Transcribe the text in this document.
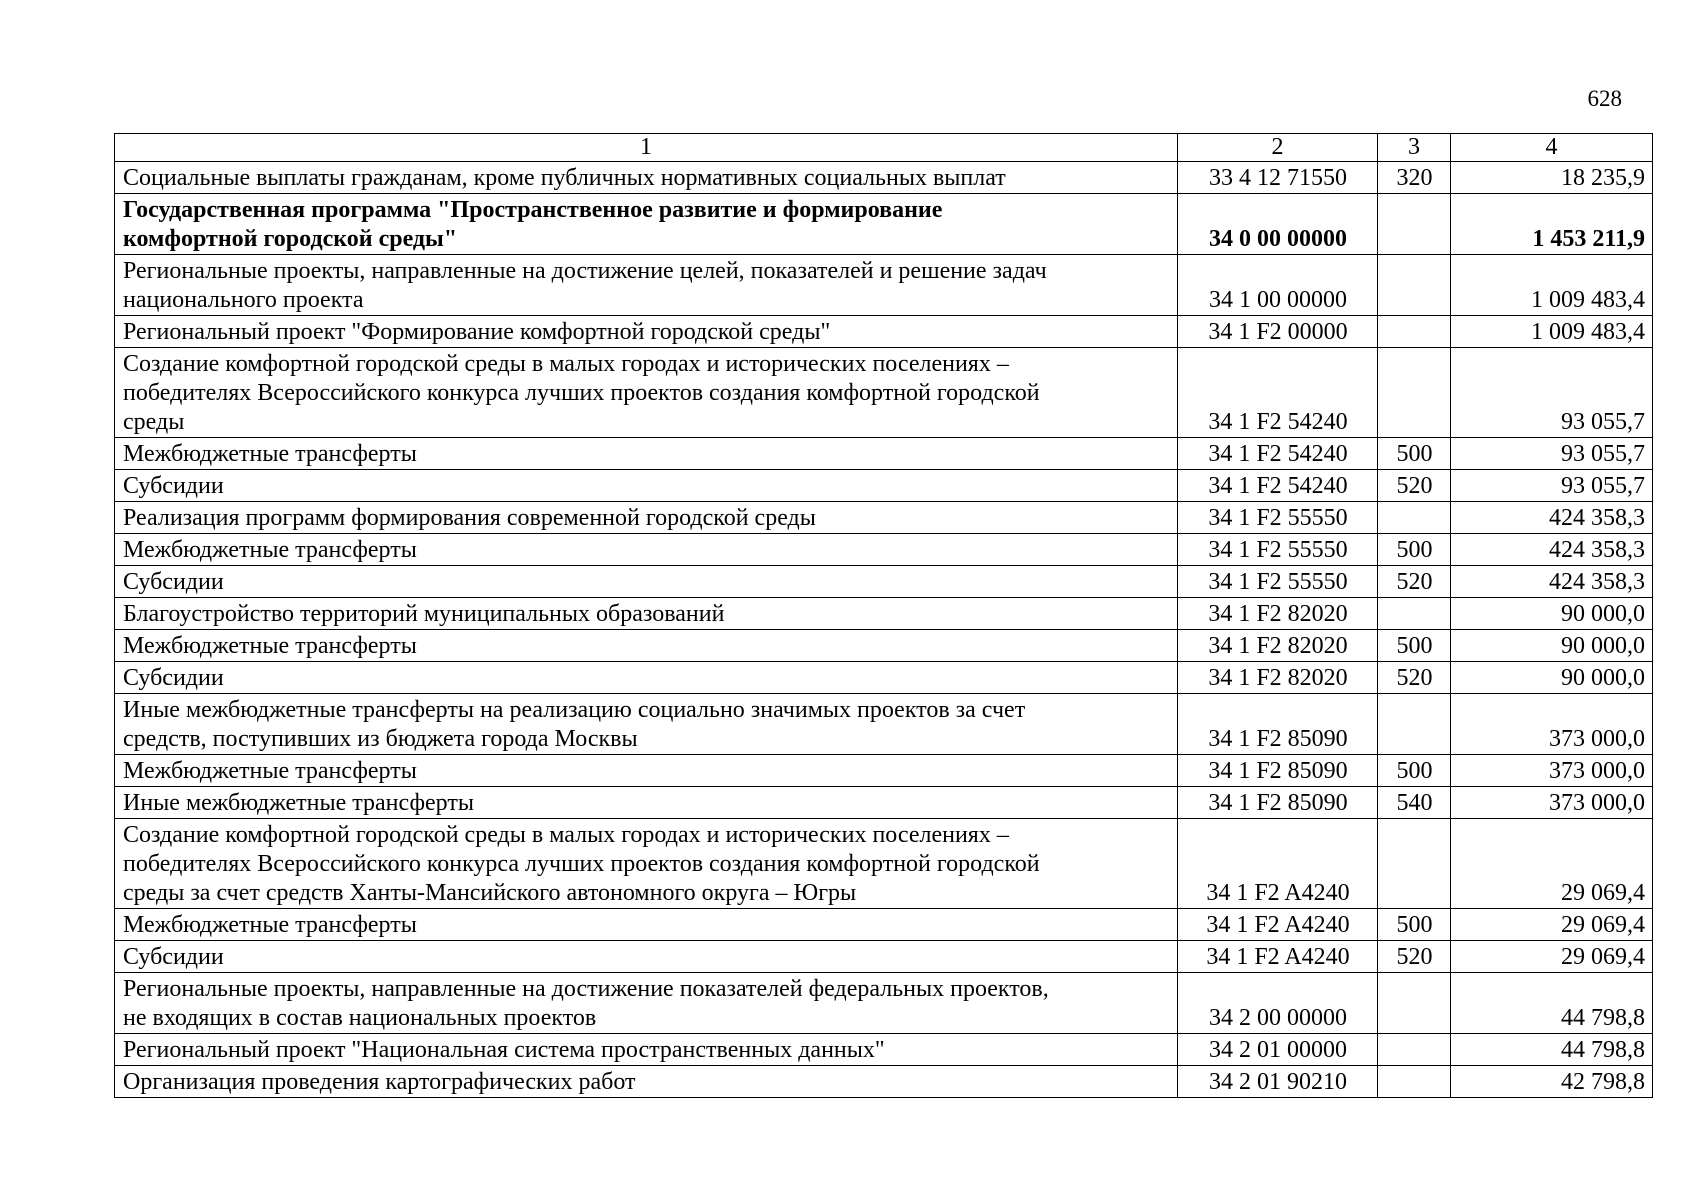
628
1	2	3	4
Социальные выплаты гражданам, кроме публичных нормативных социальных выплат	33 4 12 71550	320	18 235,9
Государственная программа "Пространственное развитие и формирование
комфортной городской среды"	34 0 00 00000		1 453 211,9
Региональные проекты, направленные на достижение целей, показателей и решение задач
национального проекта	34 1 00 00000		1 009 483,4
Региональный проект "Формирование комфортной городской среды"	34 1 F2 00000		1 009 483,4
Создание комфортной городской среды в малых городах и исторических поселениях –
победителях Всероссийского конкурса лучших проектов создания комфортной городской
среды	34 1 F2 54240		93 055,7
Межбюджетные трансферты	34 1 F2 54240	500	93 055,7
Субсидии	34 1 F2 54240	520	93 055,7
Реализация программ формирования современной городской среды	34 1 F2 55550		424 358,3
Межбюджетные трансферты	34 1 F2 55550	500	424 358,3
Субсидии	34 1 F2 55550	520	424 358,3
Благоустройство территорий муниципальных образований	34 1 F2 82020		90 000,0
Межбюджетные трансферты	34 1 F2 82020	500	90 000,0
Субсидии	34 1 F2 82020	520	90 000,0
Иные межбюджетные трансферты на реализацию социально значимых проектов за счет
средств, поступивших из бюджета города Москвы	34 1 F2 85090		373 000,0
Межбюджетные трансферты	34 1 F2 85090	500	373 000,0
Иные межбюджетные трансферты	34 1 F2 85090	540	373 000,0
Создание комфортной городской среды в малых городах и исторических поселениях –
победителях Всероссийского конкурса лучших проектов создания комфортной городской
среды за счет средств Ханты-Мансийского автономного округа – Югры	34 1 F2 A4240		29 069,4
Межбюджетные трансферты	34 1 F2 A4240	500	29 069,4
Субсидии	34 1 F2 A4240	520	29 069,4
Региональные проекты, направленные на достижение показателей федеральных проектов,
не входящих в состав национальных проектов	34 2 00 00000		44 798,8
Региональный проект "Национальная система пространственных данных"	34 2 01 00000		44 798,8
Организация проведения картографических работ	34 2 01 90210		42 798,8
